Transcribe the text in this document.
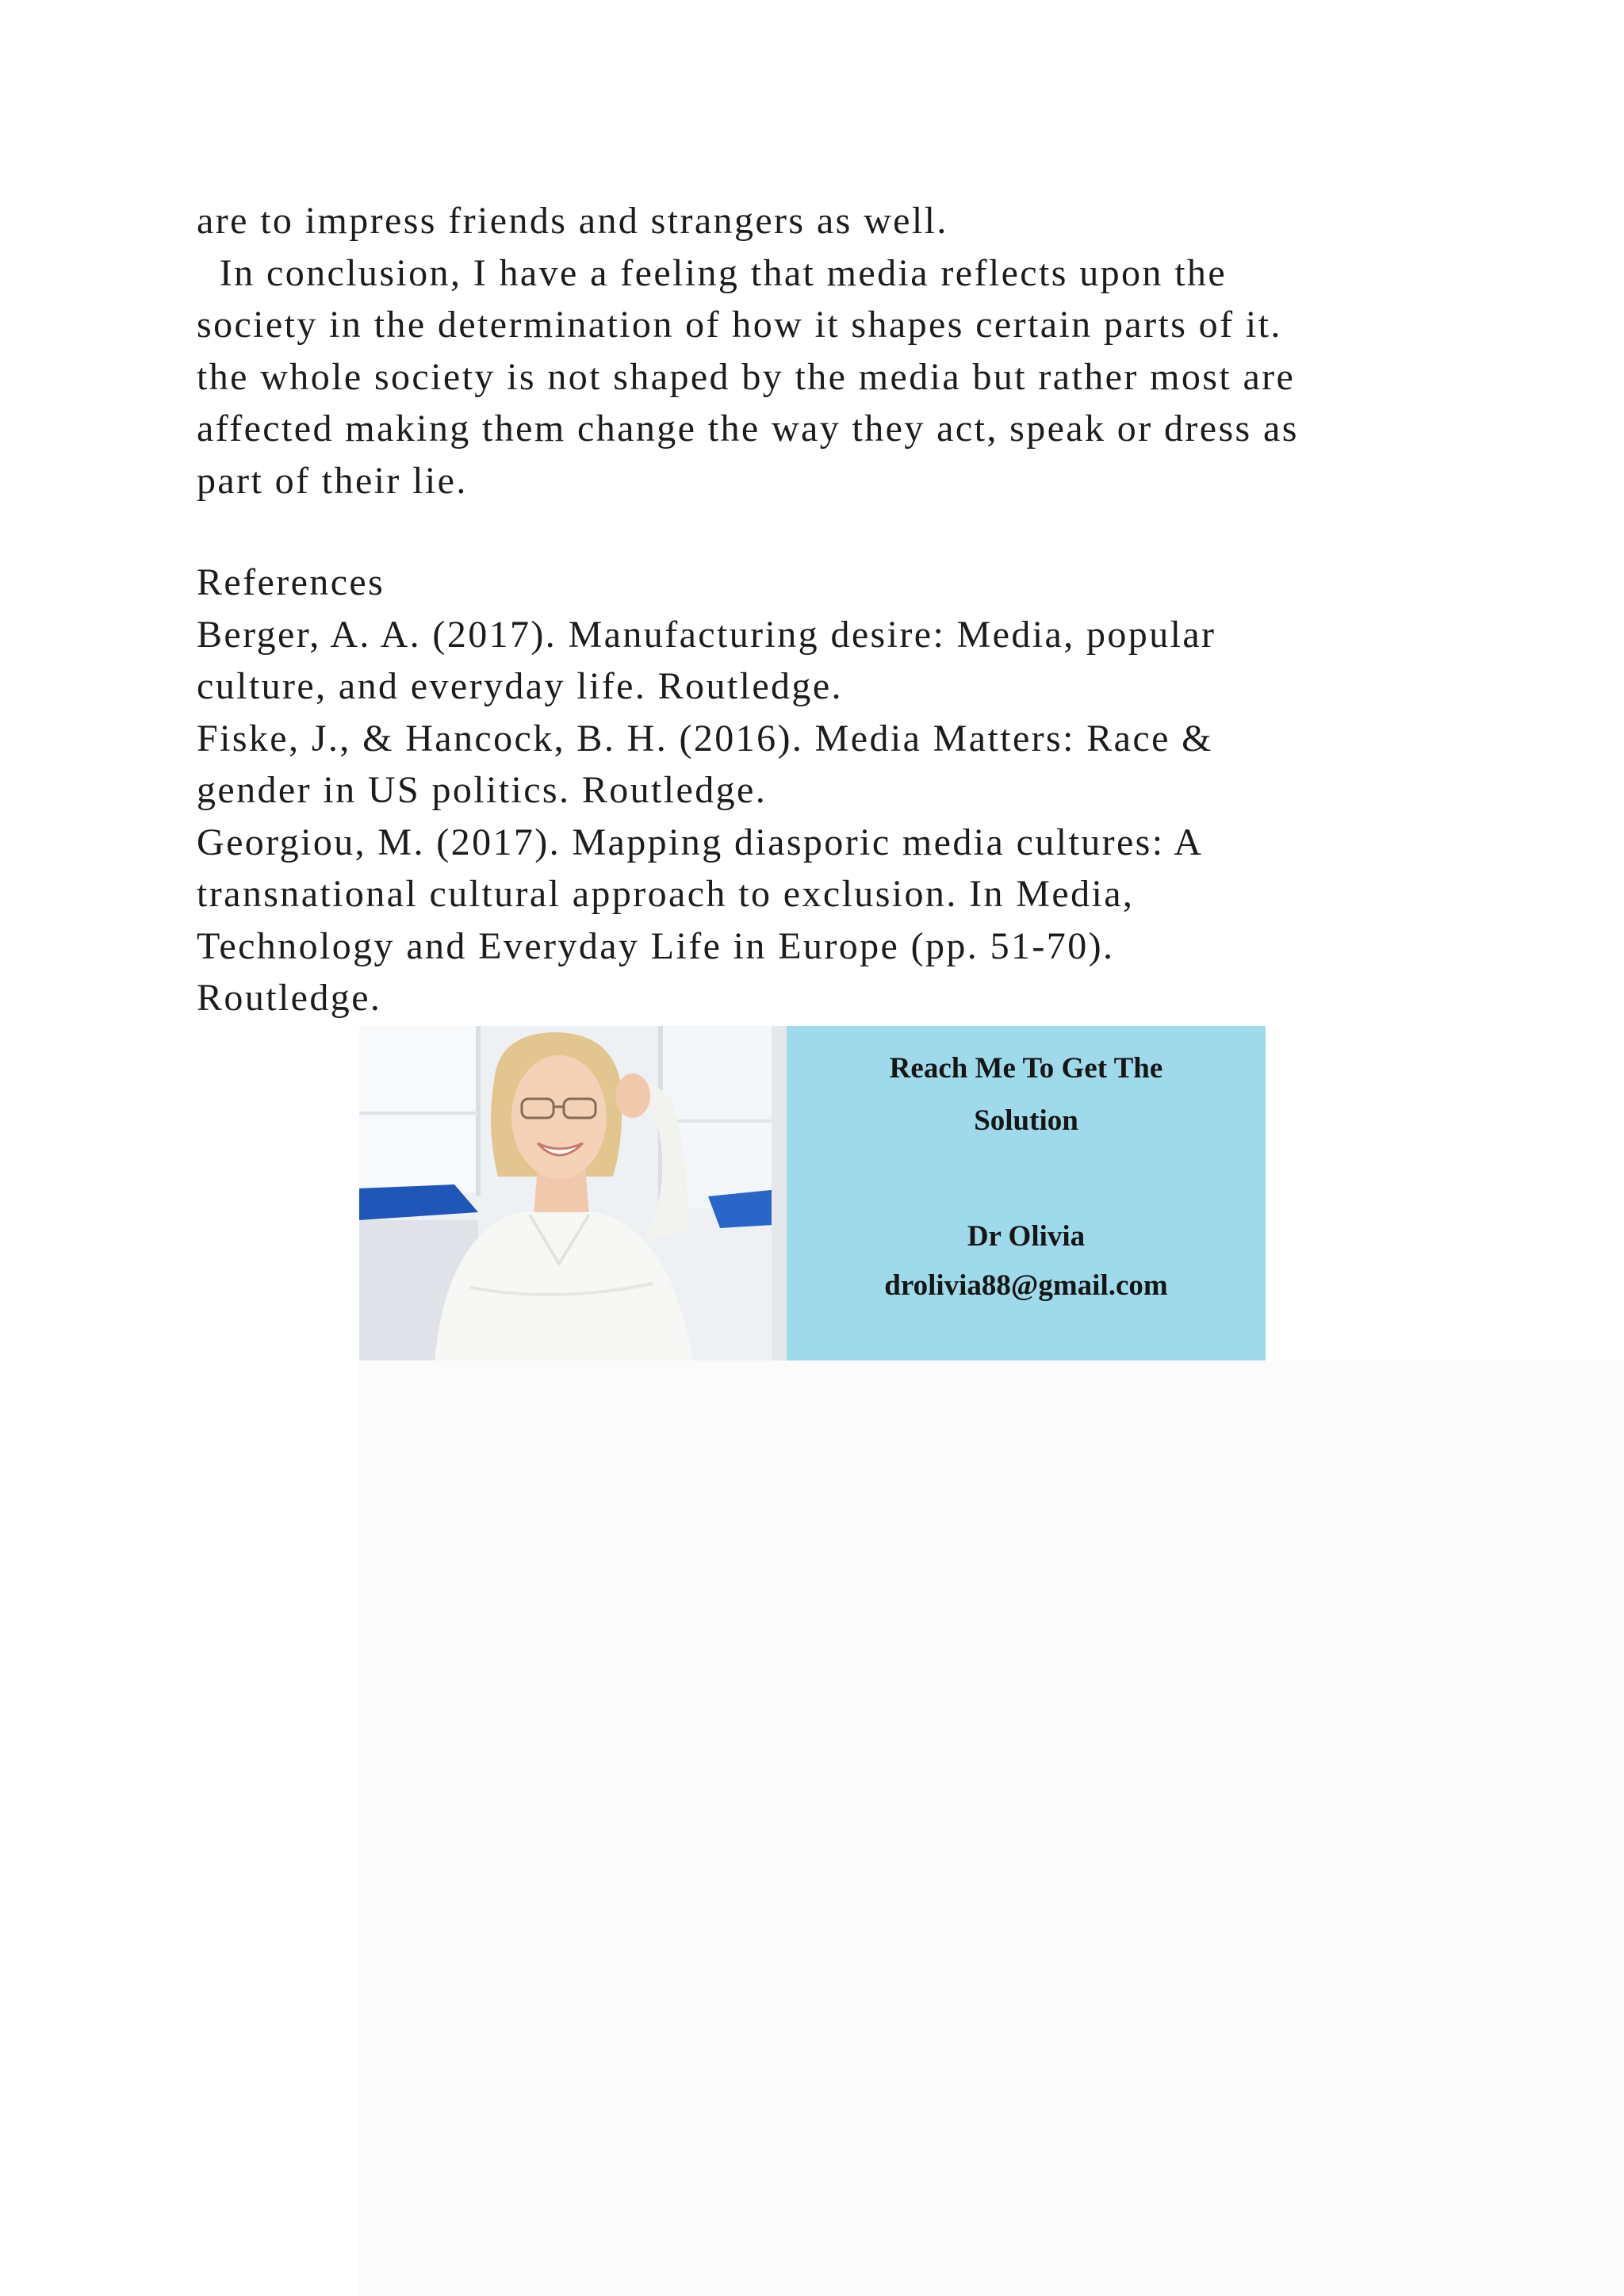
are to impress friends and strangers as well.
In conclusion, I have a feeling that media reflects upon the
society in the determination of how it shapes certain parts of it.
the whole society is not shaped by the media but rather most are
affected making them change the way they act, speak or dress as
part of their lie.
References
Berger, A. A. (2017). Manufacturing desire: Media, popular
culture, and everyday life. Routledge.
Fiske, J., & Hancock, B. H. (2016). Media Matters: Race &
gender in US politics. Routledge.
Georgiou, M. (2017). Mapping diasporic media cultures: A
transnational cultural approach to exclusion. In Media,
Technology and Everyday Life in Europe (pp. 51-70).
Routledge.
Reach Me To Get The
Solution
Dr Olivia
drolivia88@gmail.com
